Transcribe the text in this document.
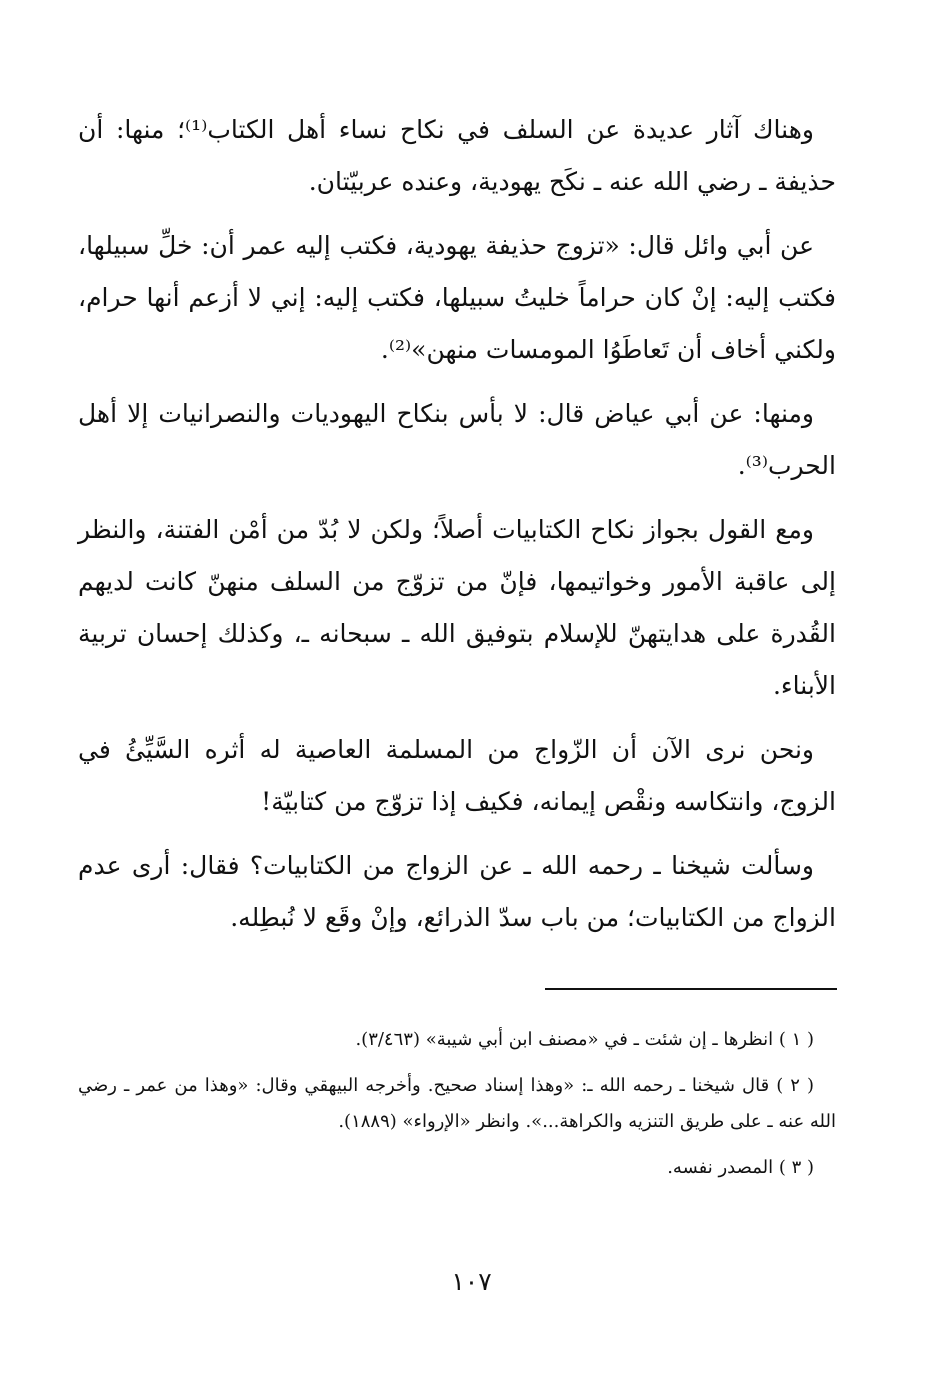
وهناك آثار عديدة عن السلف في نكاح نساء أهل الكتاب⁽¹⁾؛ منها: أن حذيفة ـ رضي الله عنه ـ نكَح يهودية، وعنده عربيّتان.

عن أبي وائل قال: «تزوج حذيفة يهودية، فكتب إليه عمر أن: خلِّ سبيلها، فكتب إليه: إنْ كان حراماً خليتُ سبيلها، فكتب إليه: إني لا أزعم أنها حرام، ولكني أخاف أن تَعاطَوُا المومسات منهن»⁽²⁾.

ومنها: عن أبي عياض قال: لا بأس بنكاح اليهوديات والنصرانيات إلا أهل الحرب⁽³⁾.

ومع القول بجواز نكاح الكتابيات أصلاً؛ ولكن لا بُدّ من أمْن الفتنة، والنظر إلى عاقبة الأمور وخواتيمها، فإنّ من تزوّج من السلف منهنّ كانت لديهم القُدرة على هدايتهنّ للإسلام بتوفيق الله ـ سبحانه ـ، وكذلك إحسان تربية الأبناء.

ونحن نرى الآن أن الزّواج من المسلمة العاصية له أثره السَّيِّئُ في الزوج، وانتكاسه ونقْص إيمانه، فكيف إذا تزوّج من كتابيّة!

وسألت شيخنا ـ رحمه الله ـ عن الزواج من الكتابيات؟ فقال: أرى عدم الزواج من الكتابيات؛ من باب سدّ الذرائع، وإنْ وقَع لا نُبطِله.

( ١ ) انظرها ـ إن شئت ـ في «مصنف ابن أبي شيبة» (٣/٤٦٣).

( ٢ ) قال شيخنا ـ رحمه الله ـ: «وهذا إسناد صحيح. وأخرجه البيهقي وقال: «وهذا من عمر ـ رضي الله عنه ـ على طريق التنزيه والكراهة...». وانظر «الإرواء» (١٨٨٩).

( ٣ ) المصدر نفسه.

١٠٧
